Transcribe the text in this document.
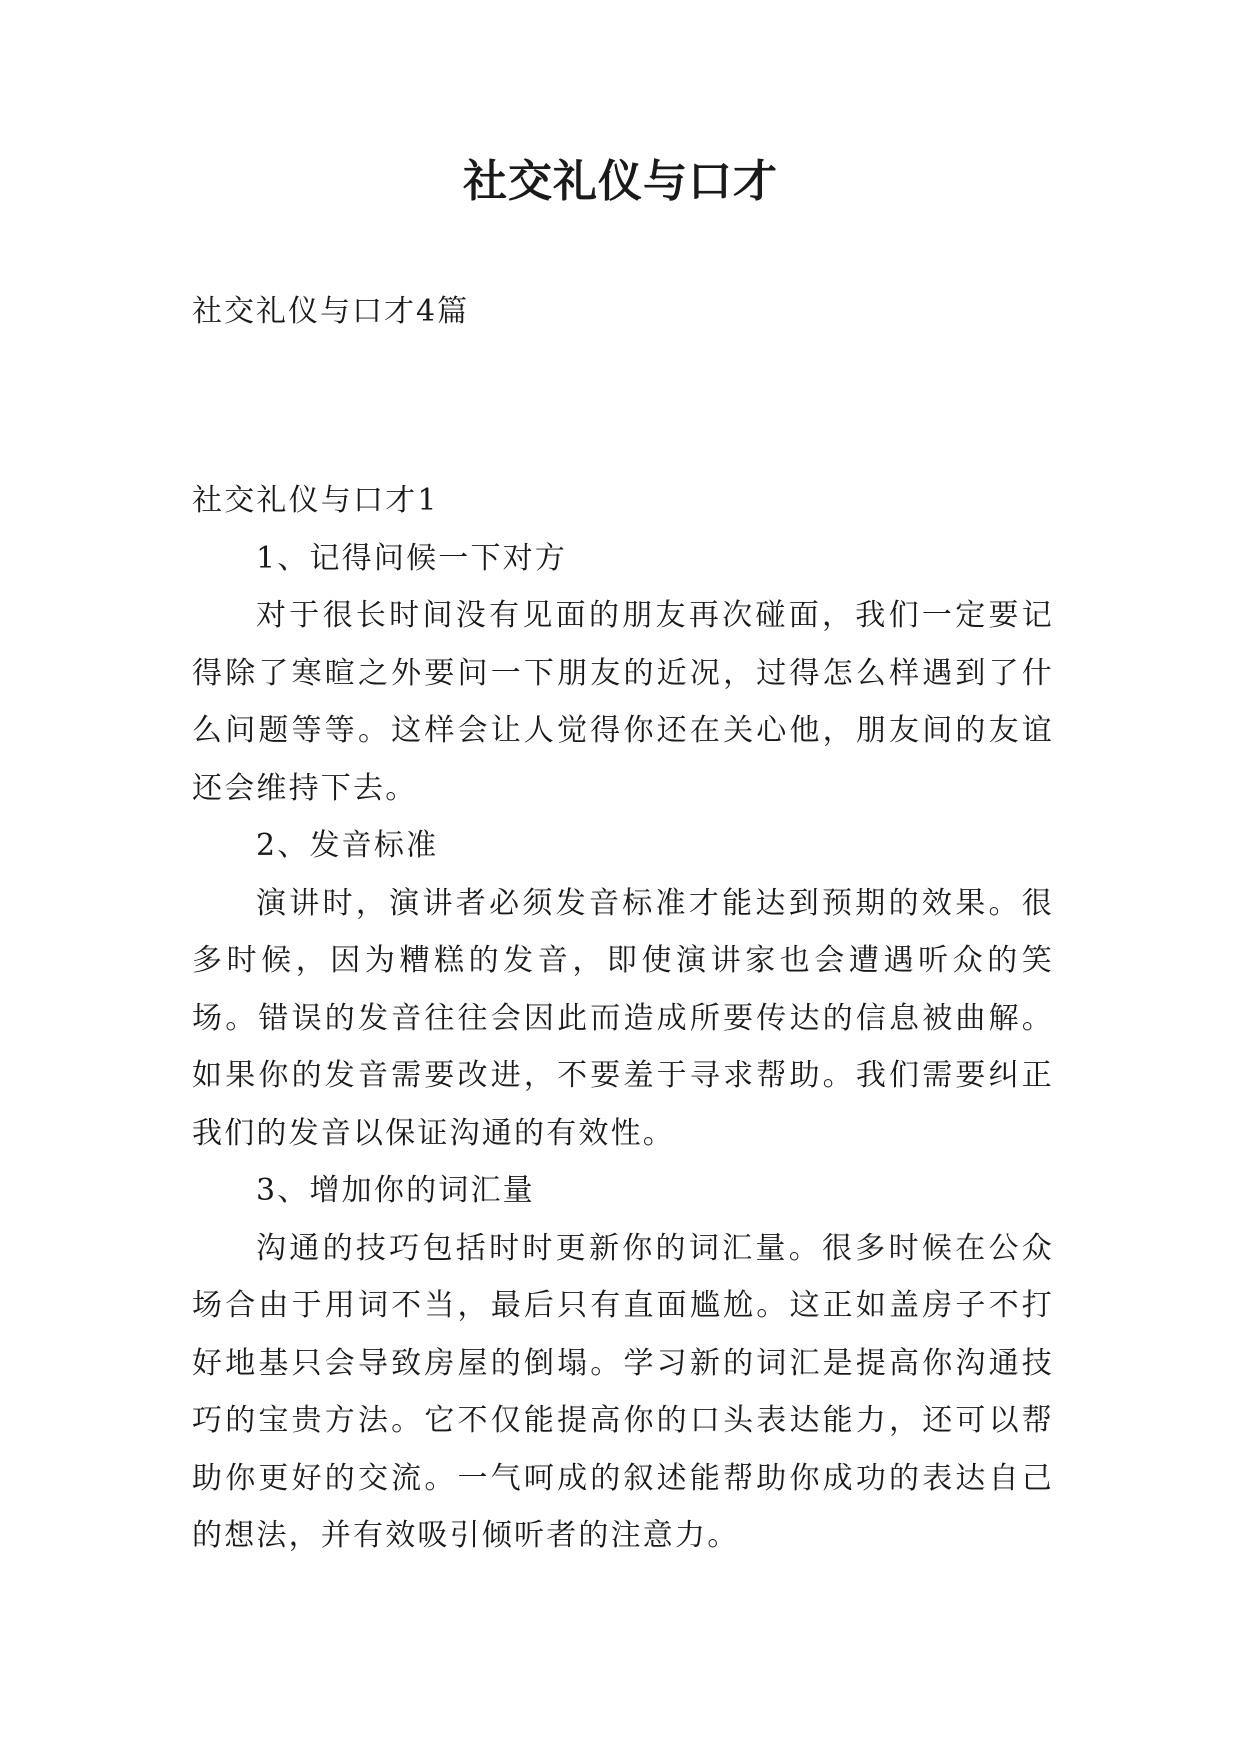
社交礼仪与口才
社交礼仪与口才4篇

社交礼仪与口才1

1、记得问候一下对方

对于很长时间没有见面的朋友再次碰面，我们一定要记得除了寒暄之外要问一下朋友的近况，过得怎么样遇到了什么问题等等。这样会让人觉得你还在关心他，朋友间的友谊还会维持下去。

2、发音标准

演讲时，演讲者必须发音标准才能达到预期的效果。很多时候，因为糟糕的发音，即使演讲家也会遭遇听众的笑场。错误的发音往往会因此而造成所要传达的信息被曲解。如果你的发音需要改进，不要羞于寻求帮助。我们需要纠正我们的发音以保证沟通的有效性。

3、增加你的词汇量

沟通的技巧包括时时更新你的词汇量。很多时候在公众场合由于用词不当，最后只有直面尴尬。这正如盖房子不打好地基只会导致房屋的倒塌。学习新的词汇是提高你沟通技巧的宝贵方法。它不仅能提高你的口头表达能力，还可以帮助你更好的交流。一气呵成的叙述能帮助你成功的表达自己的想法，并有效吸引倾听者的注意力。
